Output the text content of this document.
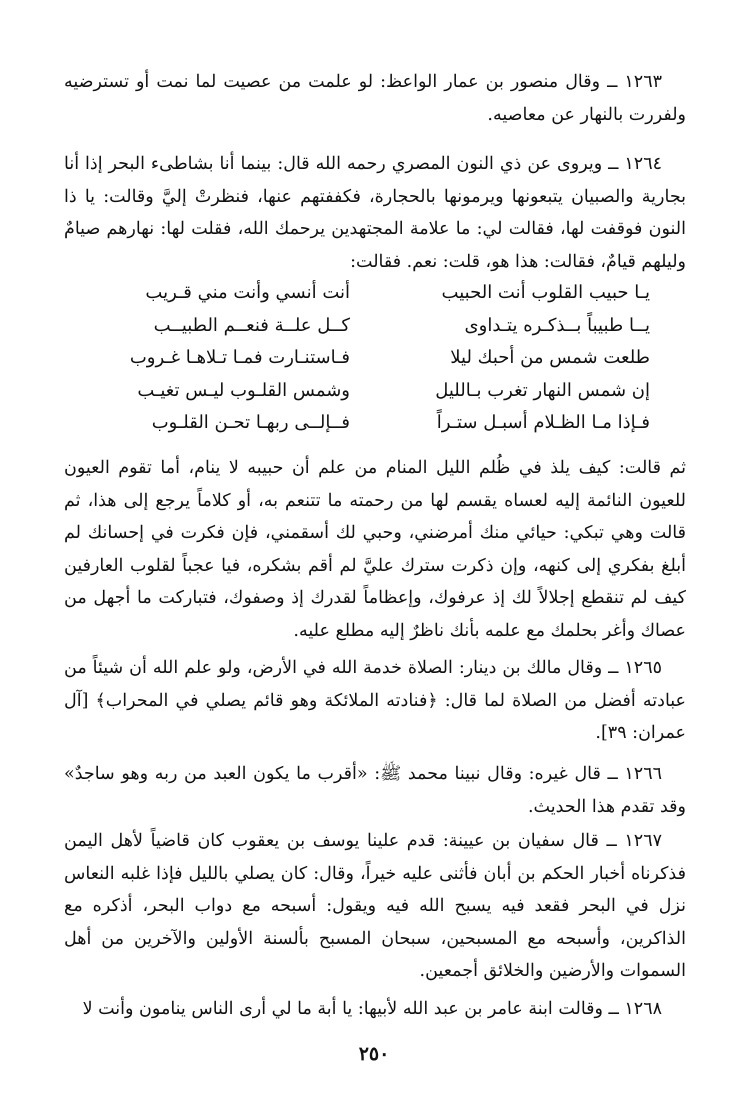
١٢٦٣ ــ وقال منصور بن عمار الواعظ: لو علمت من عصيت لما نمت أو تسترضيه ولفررت بالنهار عن معاصيه.

١٢٦٤ ــ ويروى عن ذي النون المصري رحمه الله قال: بينما أنا بشاطىء البحر إذا أنا بجارية والصبيان يتبعونها ويرمونها بالحجارة، فكففتهم عنها، فنظرتْ إليَّ وقالت: يا ذا النون فوقفت لها، فقالت لي: ما علامة المجتهدين يرحمك الله، فقلت لها: نهارهم صيامٌ وليلهم قيامٌ، فقالت: هذا هو، قلت: نعم. فقالت:

يـا حبيب القلوب أنت الحبيب
أنت أنسي وأنت مني قـريب
يــا طبيباً بــذكـره يتـداوى
كــل علــة فنعــم الطبيــب
طلعت شمس من أحبك ليلا
فـاستنـارت فمـا تـلاهـا غـروب
إن شمس النهار تغرب بـالليل
وشمس القلـوب ليـس تغيـب
فـإذا مـا الظـلام أسبـل ستـراً
فــإلــى ربهـا تحـن القلـوب

ثم قالت: كيف يلذ في ظُلم الليل المنام من علم أن حبيبه لا ينام، أما تقوم العيون للعيون النائمة إليه لعساه يقسم لها من رحمته ما تتنعم به، أو كلاماً يرجع إلى هذا، ثم قالت وهي تبكي: حيائي منك أمرضني، وحبي لك أسقمني، فإن فكرت في إحسانك لم أبلغ بفكري إلى كنهه، وإن ذكرت سترك عليَّ لم أقم بشكره، فيا عجباً لقلوب العارفين كيف لم تنقطع إجلالاً لك إذ عرفوك، وإعظاماً لقدرك إذ وصفوك، فتباركت ما أجهل من عصاك وأغر بحلمك مع علمه بأنك ناظرٌ إليه مطلع عليه.

١٢٦٥ ــ وقال مالك بن دينار: الصلاة خدمة الله في الأرض، ولو علم الله أن شيئاً من عبادته أفضل من الصلاة لما قال: ﴿فنادته الملائكة وهو قائم يصلي في المحراب﴾ [آل عمران: ٣٩].

١٢٦٦ ــ قال غيره: وقال نبينا محمد ﷺ: «أقرب ما يكون العبد من ربه وهو ساجدٌ» وقد تقدم هذا الحديث.

١٢٦٧ ــ قال سفيان بن عيينة: قدم علينا يوسف بن يعقوب كان قاضياً لأهل اليمن فذكرناه أخبار الحكم بن أبان فأثنى عليه خيراً، وقال: كان يصلي بالليل فإذا غلبه النعاس نزل في البحر فقعد فيه يسبح الله فيه ويقول: أسبحه مع دواب البحر، أذكره مع الذاكرين، وأسبحه مع المسبحين، سبحان المسبح بألسنة الأولين والآخرين من أهل السموات والأرضين والخلائق أجمعين.

١٢٦٨ ــ وقالت ابنة عامر بن عبد الله لأبيها: يا أبة ما لي أرى الناس ينامون وأنت لا

٢٥٠
